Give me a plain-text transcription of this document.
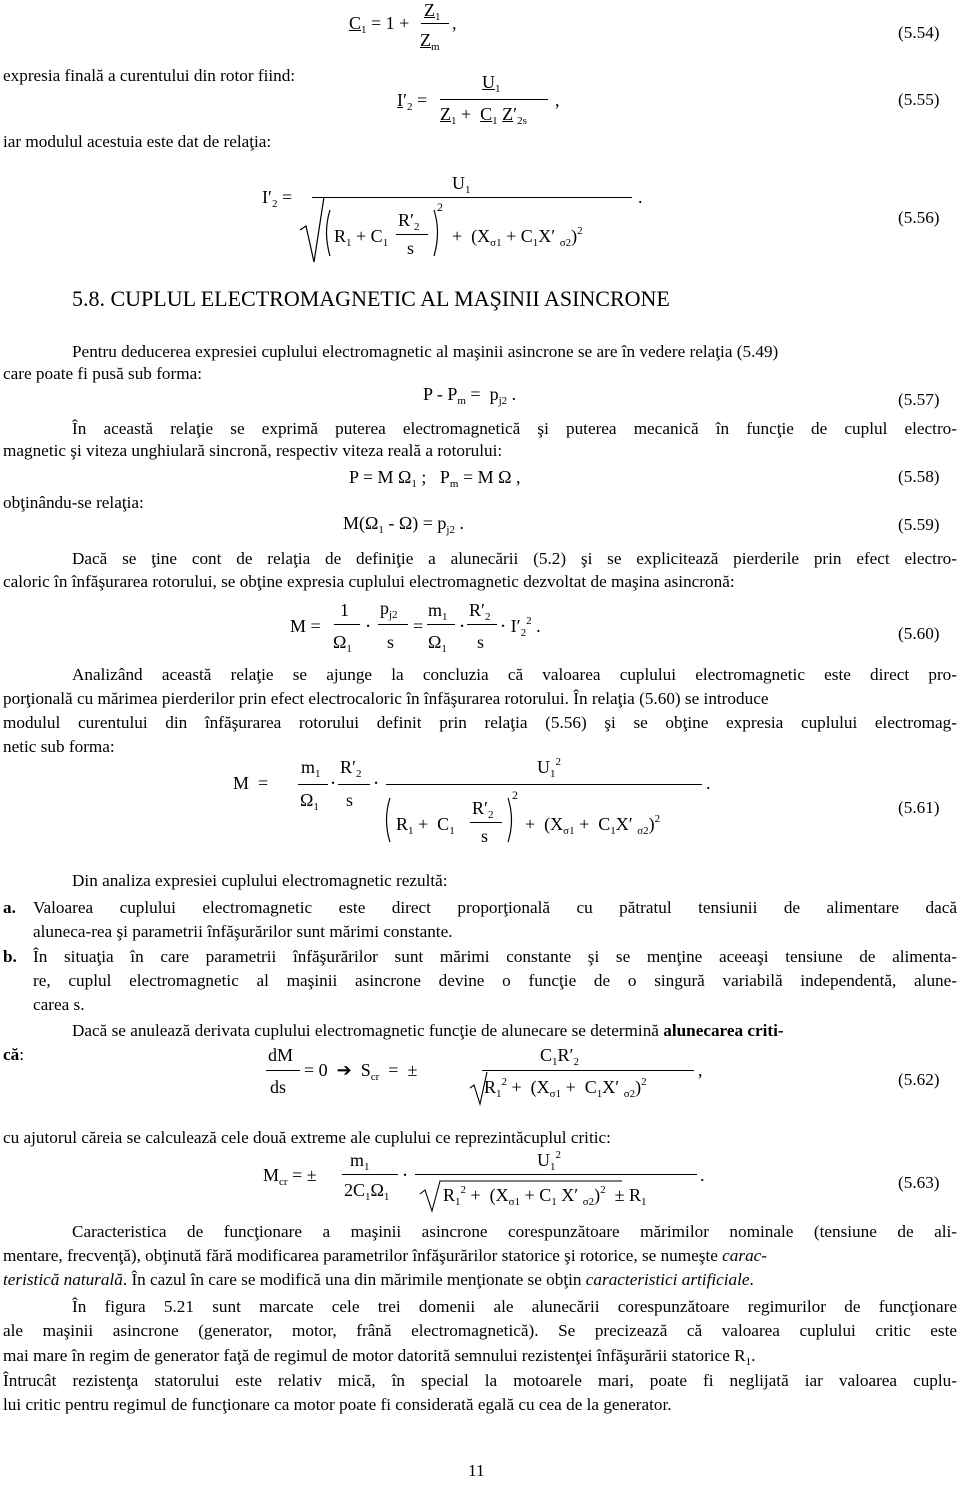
$C_1 = 1$ +
$Z_1$
$Z_m$
,	(5.54)
expresia finală a curentului din rotor fiind:
$I'_2$ =
$U_1$
$Z_1 + C_1$ $Z'_{2s}$
,	(5.55)
iar modulul acestuia este dat de relaţia:
$I'_2$ =
$U_1$	.
$R_1 + C_1$
$R'_2$
s
2
+  ($X_{\sigma 1} + C_1X'$ $_{\sigma 2}$)$^2$
(5.56)
5.8. CUPLUL ELECTROMAGNETIC AL MAŞINII ASINCRONE
Pentru deducerea expresiei cuplului electromagnetic al maşinii asincrone se are în vedere relaţia (5.49)
care poate fi pusă sub forma:
$P - P_m = p_{j2}$ .	(5.57)
În această relaţie se exprimă puterea electromagnetică şi puterea mecanică în funcţie de cuplul electro-
magnetic şi viteza unghiulară sincronă, respectiv viteza reală a rotorului:
P = M $\Omega_1$ ;   $P_m = M$ Ω ,	(5.58)
obţinându-se relaţia:
$M(\Omega_1 - \Omega) = p_{j2}$ .	(5.59)
Dacă se ţine cont de relaţia de definiţie a alunecării (5.2) şi se explicitează pierderile prin efect electro-
caloric în înfăşurarea rotorului, se obţine expresia cuplului electromagnetic dezvoltat de maşina asincronă:
M =
1
$\Omega_1$
⋅
$p_{j2}$
s
=
$m_1$
$\Omega_1$
⋅
$R'_2$
s
⋅ $I'_2^2$ .	(5.60)
Analizând această relaţie se ajunge la concluzia că valoarea cuplului electromagnetic este direct pro-
porţională cu mărimea pierderilor prin efect electrocaloric în înfăşurarea rotorului. În relaţia (5.60) se introduce
modulul curentului din înfăşurarea rotorului definit prin relaţia (5.56) şi se obţine expresia cuplului electromag-
netic sub forma:
M  =
$m_1$
$\Omega_1$
⋅
$R'_2$
s
⋅
$U_1^2$
.
$R_1 + C_1$
$R'_2$
s
2
+  ($X_{\sigma 1} + C_1X'$ $_{\sigma 2}$)$^2$
(5.61)
Din analiza expresiei cuplului electromagnetic rezultă:
a. Valoarea cuplului electromagnetic este direct proporţională cu pătratul tensiunii de alimentare dacă
aluneca-rea şi parametrii înfăşurărilor sunt mărimi constante.
b. În situaţia în care parametrii înfăşurărilor sunt mărimi constante şi se menţine aceeaşi tensiune de alimenta-
re, cuplul electromagnetic al maşinii asincrone devine o funcţie de o singură variabilă independentă, alune-
carea s.
Dacă se anulează derivata cuplului electromagnetic funcţie de alunecare se determină alunecarea criti-
că:	dM
ds
= 0  ➔  $S_{cr}$  =  ±
$C_1R'_2$
$R_1^2 + (X_{\sigma 1} + C_1X'$ $_{\sigma 2}$)$^2$
,	(5.62)
cu ajutorul căreia se calculează cele două extreme ale cuplului ce reprezintăcuplul critic:
$M_{cr}$ = ±
$m_1$
$2C_1\Omega_1$
⋅
$U_1^2$
.
$R_1^2 + (X_{\sigma 1} + C_1$ X′ $_{\sigma 2})^2 \pm R_1$
(5.63)
Caracteristica de funcţionare a maşinii asincrone corespunzătoare mărimilor nominale (tensiune de ali-
mentare, frecvenţă), obţinută fără modificarea parametrilor înfăşurărilor statorice şi rotorice, se numeşte carac-
teristică naturală. În cazul în care se modifică una din mărimile menţionate se obţin caracteristici artificiale.
În figura 5.21 sunt marcate cele trei domenii ale alunecării corespunzătoare regimurilor de funcţionare
ale maşinii asincrone (generator, motor, frână electromagnetică). Se precizează că valoarea cuplului critic este
mai mare în regim de generator faţă de regimul de motor datorită semnului rezistenţei înfăşurării statorice $R_1$.
Întrucât rezistenţa statorului este relativ mică, în special la motoarele mari, poate fi neglijată iar valoarea cuplu-
lui critic pentru regimul de funcţionare ca motor poate fi considerată egală cu cea de la generator.
11
